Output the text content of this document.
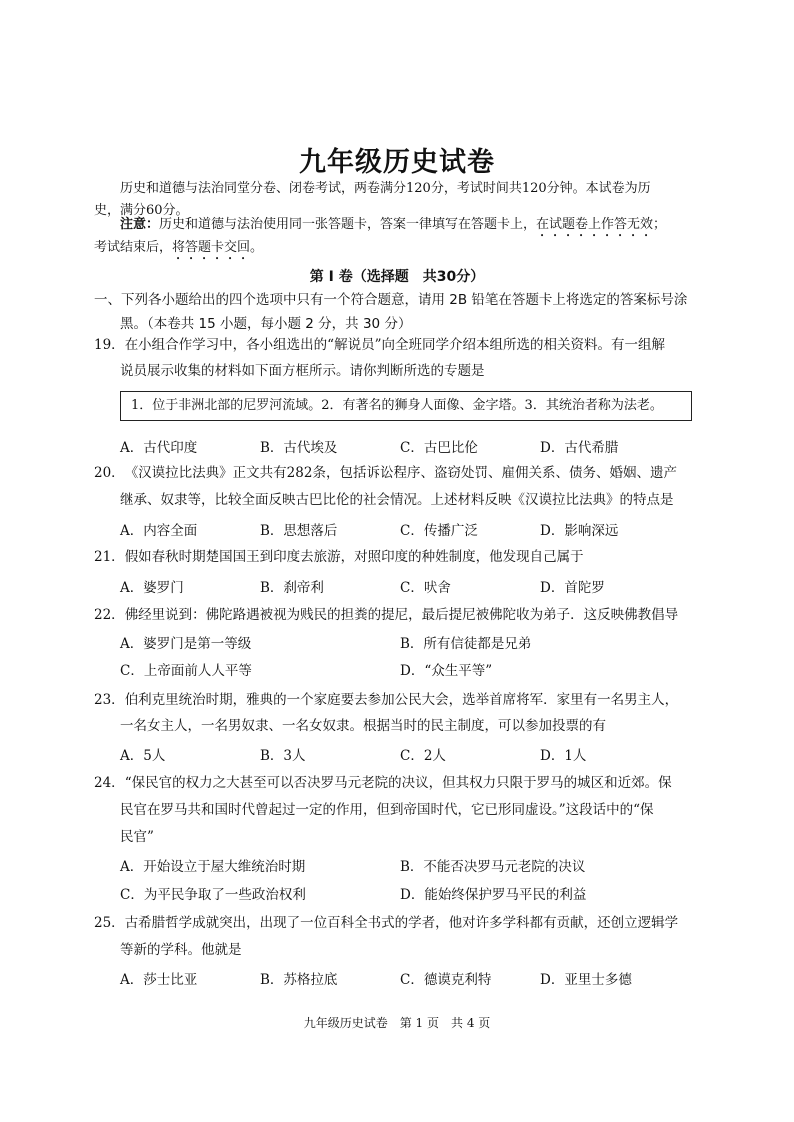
九年级历史试卷
历史和道德与法治同堂分卷、闭卷考试，两卷满分120分，考试时间共120分钟。本试卷为历
史，满分60分。
注意：历史和道德与法治使用同一张答题卡，答案一律填写在答题卡上，在试题卷上作答无效；
考试结束后，将答题卡交回。
第 I 卷（选择题　共30分）
一、下列各小题给出的四个选项中只有一个符合题意，请用 2B 铅笔在答题卡上将选定的答案标号涂
黑。（本卷共 15 小题，每小题 2 分，共 30 分）
19．在小组合作学习中，各小组选出的“解说员”向全班同学介绍本组所选的相关资料。有一组解
说员展示收集的材料如下面方框所示。请你判断所选的专题是
1．位于非洲北部的尼罗河流域。2．有著名的狮身人面像、金字塔。3．其统治者称为法老。
A．古代印度	B．古代埃及	C．古巴比伦	D．古代希腊
20．《汉谟拉比法典》正文共有282条，包括诉讼程序、盗窃处罚、雇佣关系、债务、婚姻、遗产
继承、奴隶等，比较全面反映古巴比伦的社会情况。上述材料反映《汉谟拉比法典》的特点是
A．内容全面	B．思想落后	C．传播广泛	D．影响深远
21．假如春秋时期楚国国王到印度去旅游，对照印度的种姓制度，他发现自己属于
A．婆罗门	B．刹帝利	C．吠舍	D．首陀罗
22．佛经里说到：佛陀路遇被视为贱民的担粪的提尼，最后提尼被佛陀收为弟子．这反映佛教倡导
A．婆罗门是第一等级	B．所有信徒都是兄弟
C．上帝面前人人平等	D．“众生平等”
23．伯利克里统治时期，雅典的一个家庭要去参加公民大会，选举首席将军．家里有一名男主人，
一名女主人，一名男奴隶、一名女奴隶。根据当时的民主制度，可以参加投票的有
A．5人	B．3人	C．2人	D．1人
24．“保民官的权力之大甚至可以否决罗马元老院的决议，但其权力只限于罗马的城区和近郊。保
民官在罗马共和国时代曾起过一定的作用，但到帝国时代，它已形同虚设。”这段话中的“保
民官”
A．开始设立于屋大维统治时期	B．不能否决罗马元老院的决议
C．为平民争取了一些政治权利	D．能始终保护罗马平民的利益
25．古希腊哲学成就突出，出现了一位百科全书式的学者，他对许多学科都有贡献，还创立逻辑学
等新的学科。他就是
A．莎士比亚	B．苏格拉底	C．德谟克利特	D．亚里士多德
九年级历史试卷　第 1 页　共 4 页
